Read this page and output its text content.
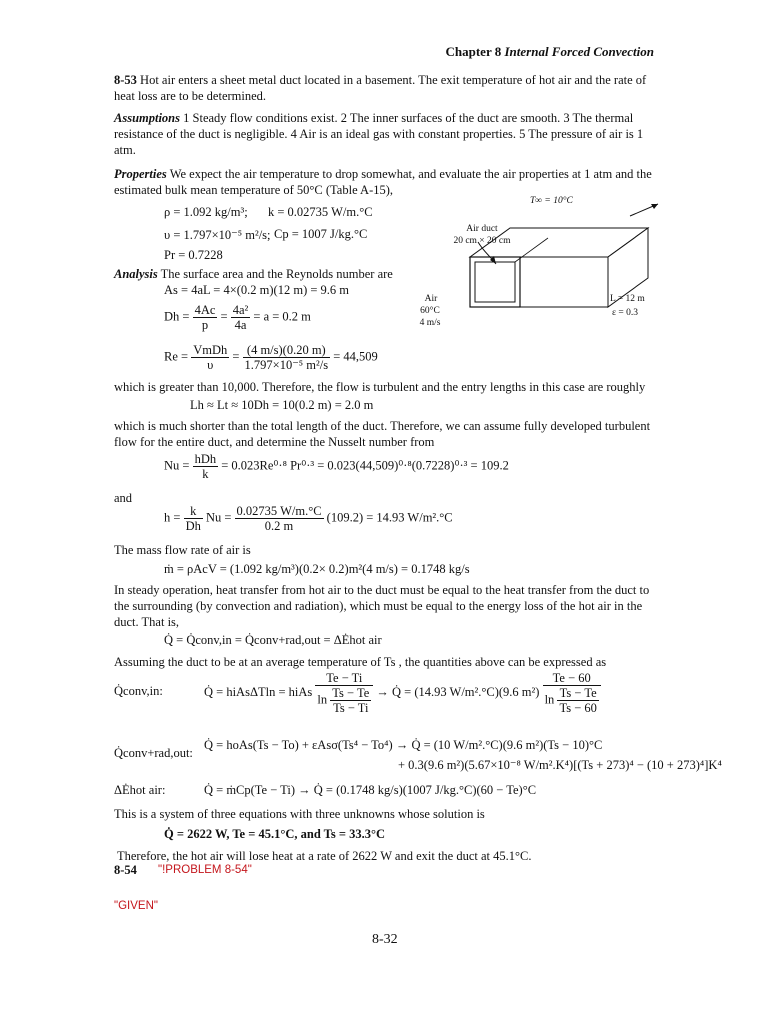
Chapter 8 Internal Forced Convection

8-53 Hot air enters a sheet metal duct located in a basement. The exit temperature of hot air and the rate of heat loss are to be determined.

Assumptions 1 Steady flow conditions exist. 2 The inner surfaces of the duct are smooth. 3 The thermal resistance of the duct is negligible. 4 Air is an ideal gas with constant properties. 5 The pressure of air is 1 atm.

Properties We expect the air temperature to drop somewhat, and evaluate the air properties at 1 atm and the estimated bulk mean temperature of 50°C (Table A-15),

ρ = 1.092 kg/m³; k = 0.02735 W/m.°C
υ = 1.797×10⁻⁵ m²/s; Cp = 1007 J/kg.°C
Pr = 0.7228

Analysis The surface area and the Reynolds number are

As = 4aL = 4×(0.2 m)(12 m) = 9.6 m
$Dh = \frac{4Ac}{p} = \frac{\text{4a²}}{4a} = a = 0.2$ m
$Re = \frac{\text{VmDh}}{\upsilon} = \frac{(4 m/s)(0.20 m)}{\text{1.797×10⁻⁵ m²/s}} = 44,509$

which is greater than 10,000. Therefore, the flow is turbulent and the entry lengths in this case are roughly

Lh ≈ Lt ≈ 10Dh = 10(0.2 m) = 2.0 m

which is much shorter than the total length of the duct. Therefore, we can assume fully developed turbulent flow for the entire duct, and determine the Nusselt number from

$Nu = \frac{\text{hDh}}{k} = 0.023Re^0\cdot^8$ Pr⁰·³ = 0.023(44,509)⁰·⁸(0.7228)⁰·³ = 109.2

and

$h = \frac{k}{Dh}$ $Nu = \frac{0.02735 W/m.^\circ C}{0.2 m} (109.2) = 14.93$ W/m².°C

The mass flow rate of air is

ṁ = ρAcV = (1.092 kg/m³)(0.2× 0.2)m²(4 m/s) = 0.1748 kg/s

In steady operation, heat transfer from hot air to the duct must be equal to the heat transfer from the duct to the surrounding (by convection and radiation), which must be equal to the energy loss of the hot air in the duct. That is,

Q̇ = Q̇conv,in = Q̇conv+rad,out = ΔĖhot air

Assuming the duct to be at an average temperature of Ts , the quantities above can be expressed as

Q̇conv,in:	Q̇ = hiAsΔTln = hiAs $\frac{Te - Ti}{\ln \frac{Ts - Te}{Ts - Ti}}$ → Q̇ = (14.93 W/m².°C)(9.6 $m^2) \frac{Te - 60}{\ln \frac{Ts - Te}{Ts - 60}}$
Q̇conv+rad,out:
Q̇ = hoAs(Ts − To) + εAsσ(Ts⁴ − To⁴) → Q̇ = (10 W/m².°C)(9.6 m²)(Ts − 10)°C
+ 0.3(9.6 m²)(5.67×10⁻⁸ W/m².K⁴)[(Ts + 273)⁴ − (10 + 273)⁴]K⁴
ΔĖhot air:	Q̇ = ṁCp(Te − Ti) → Q̇ = (0.1748 kg/s)(1007 J/kg.°C)(60 − Te)°C

This is a system of three equations with three unknowns whose solution is

Q̇ = 2622 W, Te = 45.1°C, and Ts = 33.3°C

Therefore, the hot air will lose heat at a rate of 2622 W and exit the duct at 45.1°C.

8-54 "!PROBLEM 8-54"
"GIVEN"
T∞ = 10°C
Air duct
20 cm × 20 cm
Air
60°C
4 m/s
L = 12 m
ε = 0.3
8-32
